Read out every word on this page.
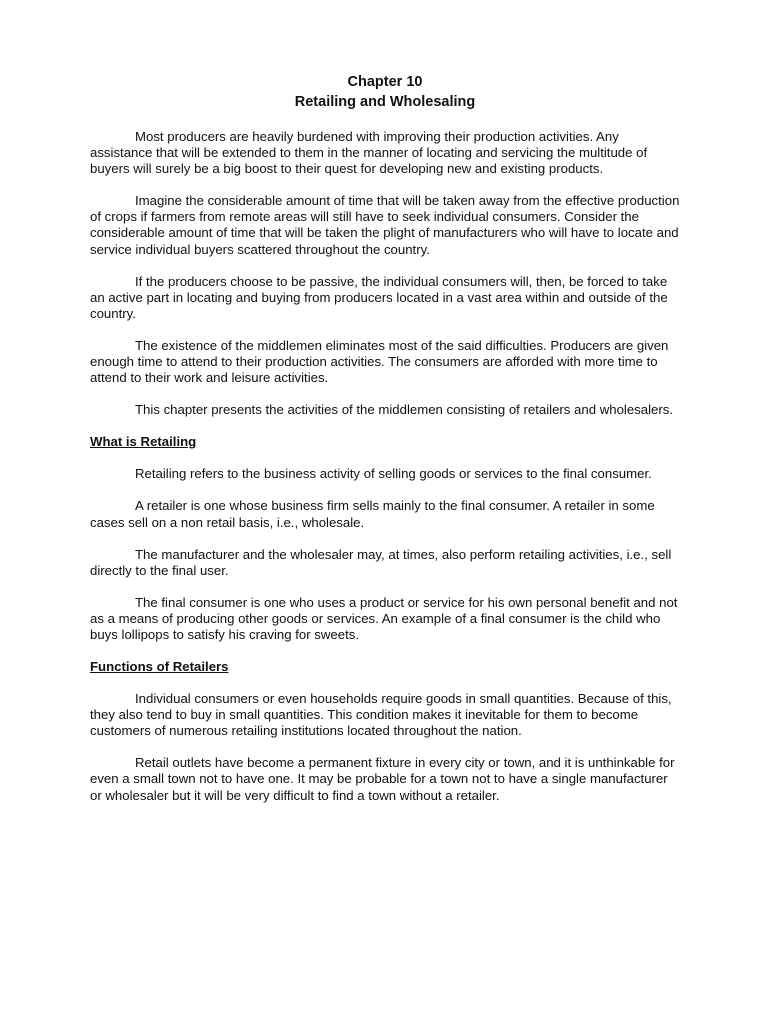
Chapter 10

Retailing and Wholesaling

Most producers are heavily burdened with improving their production activities. Any assistance that will be extended to them in the manner of locating and servicing the multitude of buyers will surely be a big boost to their quest for developing new and existing products.

Imagine the considerable amount of time that will be taken away from the effective production of crops if farmers from remote areas will still have to seek individual consumers. Consider the considerable amount of time that will be taken the plight of manufacturers who will have to locate and service individual buyers scattered throughout the country.

If the producers choose to be passive, the individual consumers will, then, be forced to take an active part in locating and buying from producers located in a vast area within and outside of the country.

The existence of the middlemen eliminates most of the said difficulties. Producers are given enough time to attend to their production activities. The consumers are afforded with more time to attend to their work and leisure activities.

This chapter presents the activities of the middlemen consisting of retailers and wholesalers.

What is Retailing

Retailing refers to the business activity of selling goods or services to the final consumer.

A retailer is one whose business firm sells mainly to the final consumer. A retailer in some cases sell on a non retail basis, i.e., wholesale.

The manufacturer and the wholesaler may, at times, also perform retailing activities, i.e., sell directly to the final user.

The final consumer is one who uses a product or service for his own personal benefit and not as a means of producing other goods or services. An example of a final consumer is the child who buys lollipops to satisfy his craving for sweets.

Functions of Retailers

Individual consumers or even households require goods in small quantities. Because of this, they also tend to buy in small quantities. This condition makes it inevitable for them to become customers of numerous retailing institutions located throughout the nation.

Retail outlets have become a permanent fixture in every city or town, and it is unthinkable for even a small town not to have one. It may be probable for a town not to have a single manufacturer or wholesaler but it will be very difficult to find a town without a retailer.
